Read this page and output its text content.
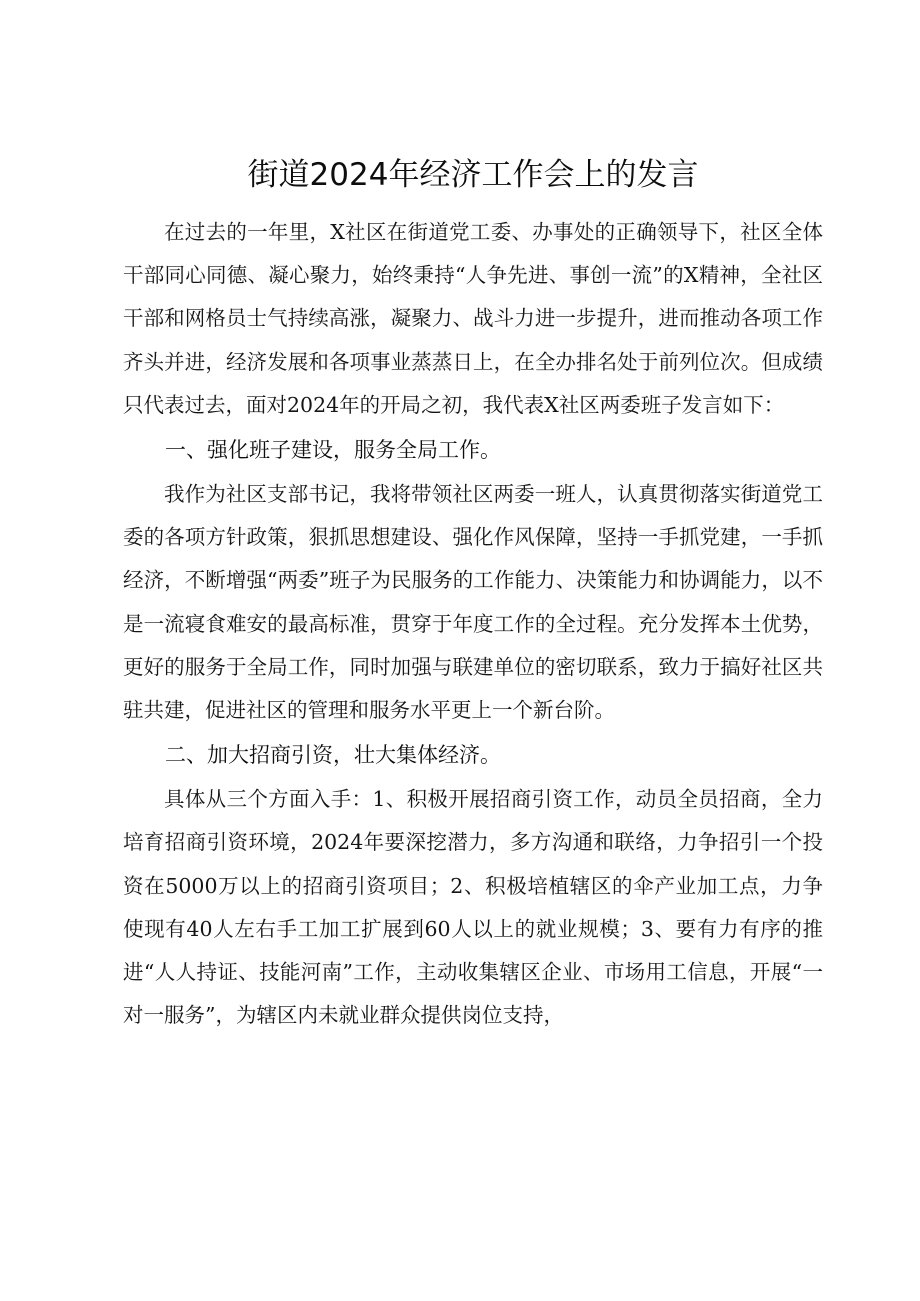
街道2024年经济工作会上的发言

在过去的一年里，X社区在街道党工委、办事处的正确领导下，社区全体干部同心同德、凝心聚力，始终秉持“人争先进、事创一流”的X精神，全社区干部和网格员士气持续高涨，凝聚力、战斗力进一步提升，进而推动各项工作齐头并进，经济发展和各项事业蒸蒸日上，在全办排名处于前列位次。但成绩只代表过去，面对2024年的开局之初，我代表X社区两委班子发言如下：

一、强化班子建设，服务全局工作。

我作为社区支部书记，我将带领社区两委一班人，认真贯彻落实街道党工委的各项方针政策，狠抓思想建设、强化作风保障，坚持一手抓党建，一手抓经济，不断增强“两委”班子为民服务的工作能力、决策能力和协调能力，以不是一流寝食难安的最高标准，贯穿于年度工作的全过程。充分发挥本土优势，更好的服务于全局工作，同时加强与联建单位的密切联系，致力于搞好社区共驻共建，促进社区的管理和服务水平更上一个新台阶。

二、加大招商引资，壮大集体经济。

具体从三个方面入手：1、积极开展招商引资工作，动员全员招商，全力培育招商引资环境，2024年要深挖潜力，多方沟通和联络，力争招引一个投资在5000万以上的招商引资项目；2、积极培植辖区的伞产业加工点，力争使现有40人左右手工加工扩展到60人以上的就业规模；3、要有力有序的推进“人人持证、技能河南”工作，主动收集辖区企业、市场用工信息，开展“一对一服务”，为辖区内未就业群众提供岗位支持，
